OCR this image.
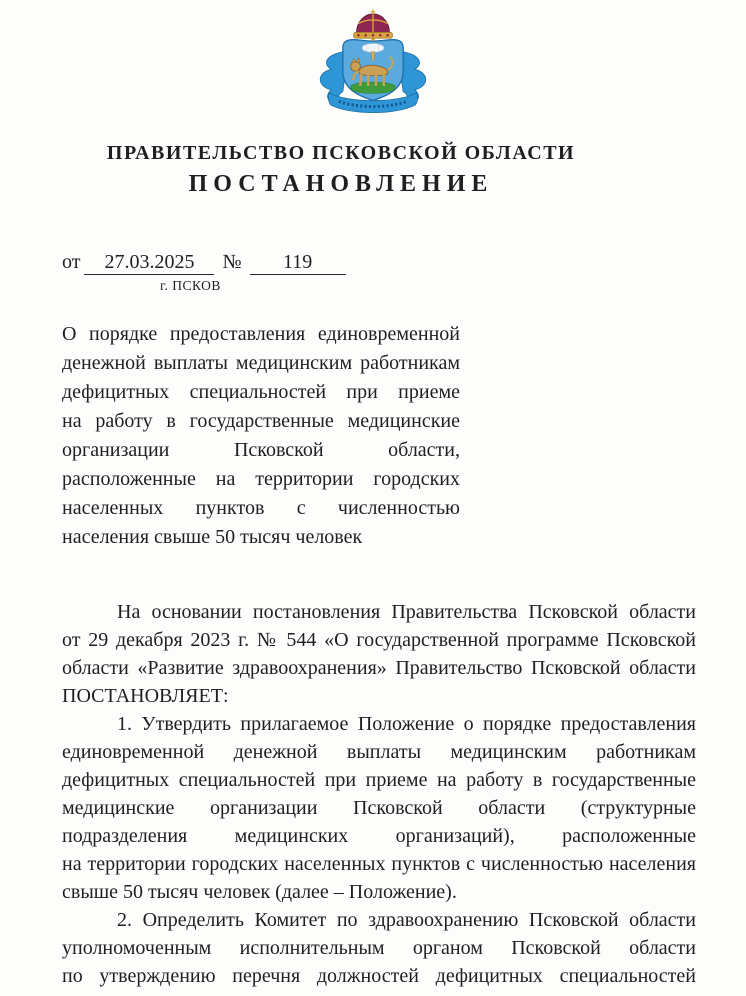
ПРАВИТЕЛЬСТВО ПСКОВСКОЙ ОБЛАСТИ
ПОСТАНОВЛЕНИЕ
от 27.03.2025 № 119
г. ПСКОВ
О порядке предоставления единовременной
денежной выплаты медицинским работникам
дефицитных специальностей при приеме
на работу в государственные медицинские
организации Псковской области,
расположенные на территории городских
населенных пунктов с численностью
населения свыше 50 тысяч человек
На основании постановления Правительства Псковской области
от 29 декабря 2023 г. № 544 «О государственной программе Псковской
области «Развитие здравоохранения» Правительство Псковской области
ПОСТАНОВЛЯЕТ:
1. Утвердить прилагаемое Положение о порядке предоставления
единовременной денежной выплаты медицинским работникам
дефицитных специальностей при приеме на работу в государственные
медицинские организации Псковской области (структурные
подразделения медицинских организаций), расположенные
на территории городских населенных пунктов с численностью населения
свыше 50 тысяч человек (далее – Положение).
2. Определить Комитет по здравоохранению Псковской области
уполномоченным исполнительным органом Псковской области
по утверждению перечня должностей дефицитных специальностей
